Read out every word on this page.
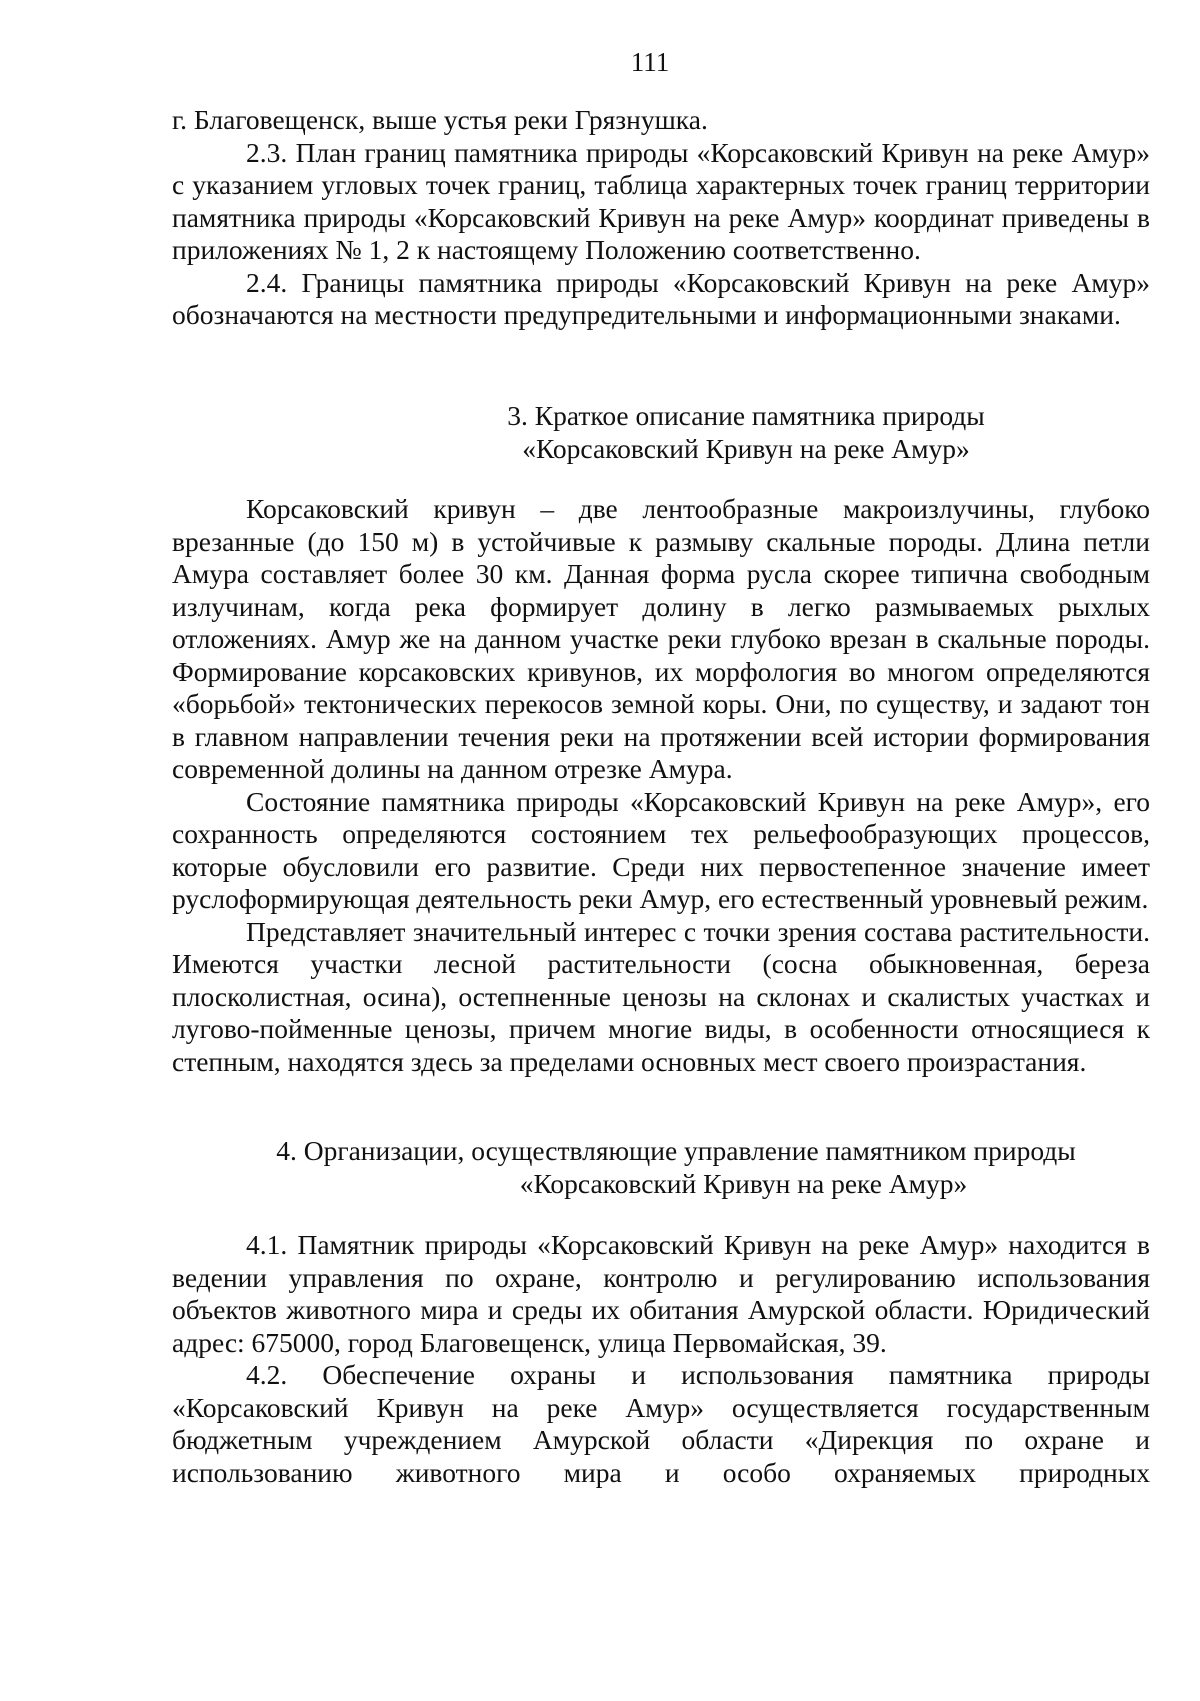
111

г. Благовещенск, выше устья реки Грязнушка.

2.3. План границ памятника природы «Корсаковский Кривун на реке Амур» с указанием угловых точек границ, таблица характерных точек границ территории памятника природы «Корсаковский Кривун на реке Амур» координат приведены в приложениях № 1, 2 к настоящему Положению соответственно.

2.4. Границы памятника природы «Корсаковский Кривун на реке Амур» обозначаются на местности предупредительными и информационными знаками.

3. Краткое описание памятника природы
«Корсаковский Кривун на реке Амур»

Корсаковский кривун – две лентообразные макроизлучины, глубоко врезанные (до 150 м) в устойчивые к размыву скальные породы. Длина петли Амура составляет более 30 км. Данная форма русла скорее типична свободным излучинам, когда река формирует долину в легко размываемых рыхлых отложениях. Амур же на данном участке реки глубоко врезан в скальные породы. Формирование корсаковских кривунов, их морфология во многом определяются «борьбой» тектонических перекосов земной коры. Они, по существу, и задают тон в главном направлении течения реки на протяжении всей истории формирования современной долины на данном отрезке Амура.

Состояние памятника природы «Корсаковский Кривун на реке Амур», его сохранность определяются состоянием тех рельефообразующих процессов, которые обусловили его развитие. Среди них первостепенное значение имеет руслоформирующая деятельность реки Амур, его естественный уровневый режим.

Представляет значительный интерес с точки зрения состава растительности. Имеются участки лесной растительности (сосна обыкновенная, береза плосколистная, осина), остепненные ценозы на склонах и скалистых участках и лугово-пойменные ценозы, причем многие виды, в особенности относящиеся к степным, находятся здесь за пределами основных мест своего произрастания.

4. Организации, осуществляющие управление памятником природы
«Корсаковский Кривун на реке Амур»

4.1. Памятник природы «Корсаковский Кривун на реке Амур» находится в ведении управления по охране, контролю и регулированию использования объектов животного мира и среды их обитания Амурской области. Юридический адрес: 675000, город Благовещенск, улица Первомайская, 39.

4.2. Обеспечение охраны и использования памятника природы «Корсаковский Кривун на реке Амур» осуществляется государственным бюджетным учреждением Амурской области «Дирекция по охране и использованию животного мира и особо охраняемых природных
